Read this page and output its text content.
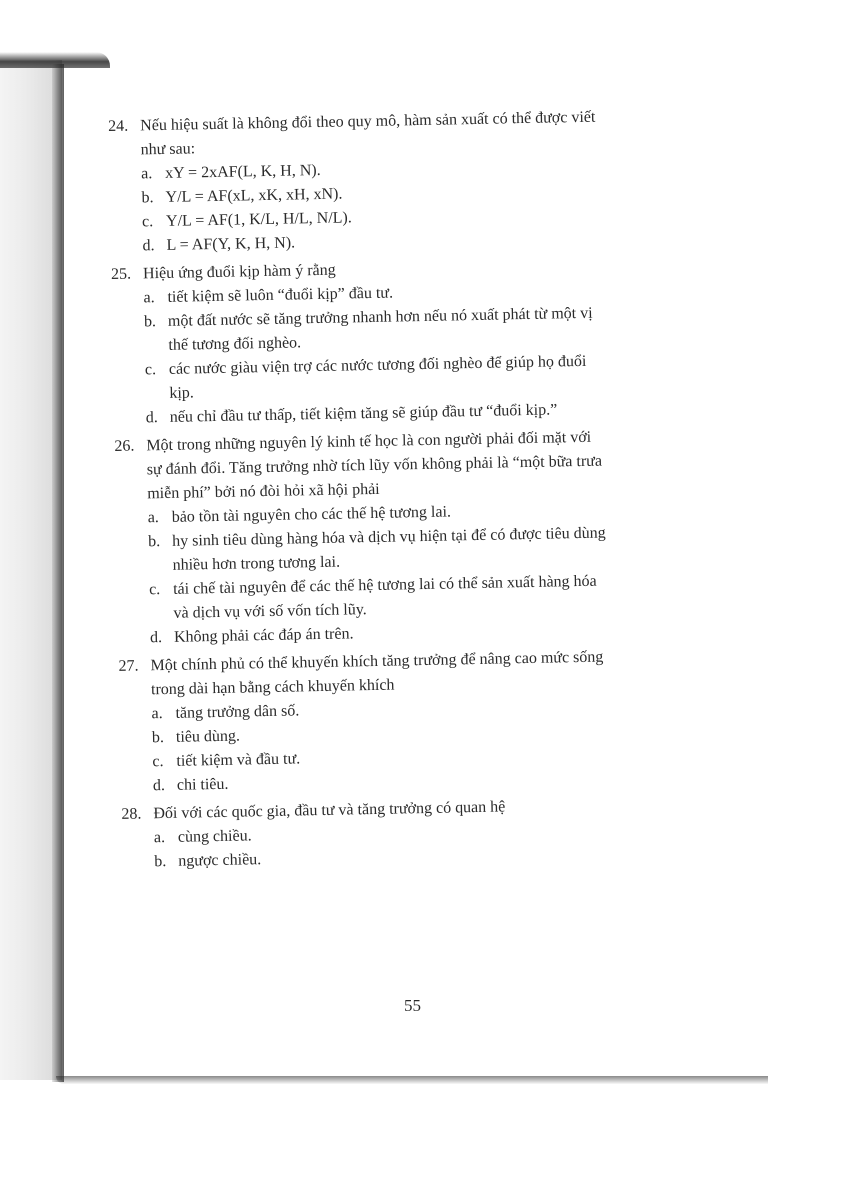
24. Nếu hiệu suất là không đổi theo quy mô, hàm sản xuất có thể được viết
như sau:
a. xY = 2xAF(L, K, H, N).
b. Y/L = AF(xL, xK, xH, xN).
c. Y/L = AF(1, K/L, H/L, N/L).
d. L = AF(Y, K, H, N).
25. Hiệu ứng đuổi kịp hàm ý rằng
a. tiết kiệm sẽ luôn “đuổi kịp” đầu tư.
b. một đất nước sẽ tăng trưởng nhanh hơn nếu nó xuất phát từ một vị
thế tương đối nghèo.
c. các nước giàu viện trợ các nước tương đối nghèo để giúp họ đuổi
kịp.
d. nếu chỉ đầu tư thấp, tiết kiệm tăng sẽ giúp đầu tư “đuổi kịp.”
26. Một trong những nguyên lý kinh tế học là con người phải đối mặt với
sự đánh đổi. Tăng trưởng nhờ tích lũy vốn không phải là “một bữa trưa
miễn phí” bởi nó đòi hỏi xã hội phải
a. bảo tồn tài nguyên cho các thế hệ tương lai.
b. hy sinh tiêu dùng hàng hóa và dịch vụ hiện tại để có được tiêu dùng
nhiều hơn trong tương lai.
c. tái chế tài nguyên để các thế hệ tương lai có thể sản xuất hàng hóa
và dịch vụ với số vốn tích lũy.
d. Không phải các đáp án trên.
27. Một chính phủ có thể khuyến khích tăng trưởng để nâng cao mức sống
trong dài hạn bằng cách khuyến khích
a. tăng trưởng dân số.
b. tiêu dùng.
c. tiết kiệm và đầu tư.
d. chi tiêu.
28. Đối với các quốc gia, đầu tư và tăng trưởng có quan hệ
a. cùng chiều.
b. ngược chiều.
55
